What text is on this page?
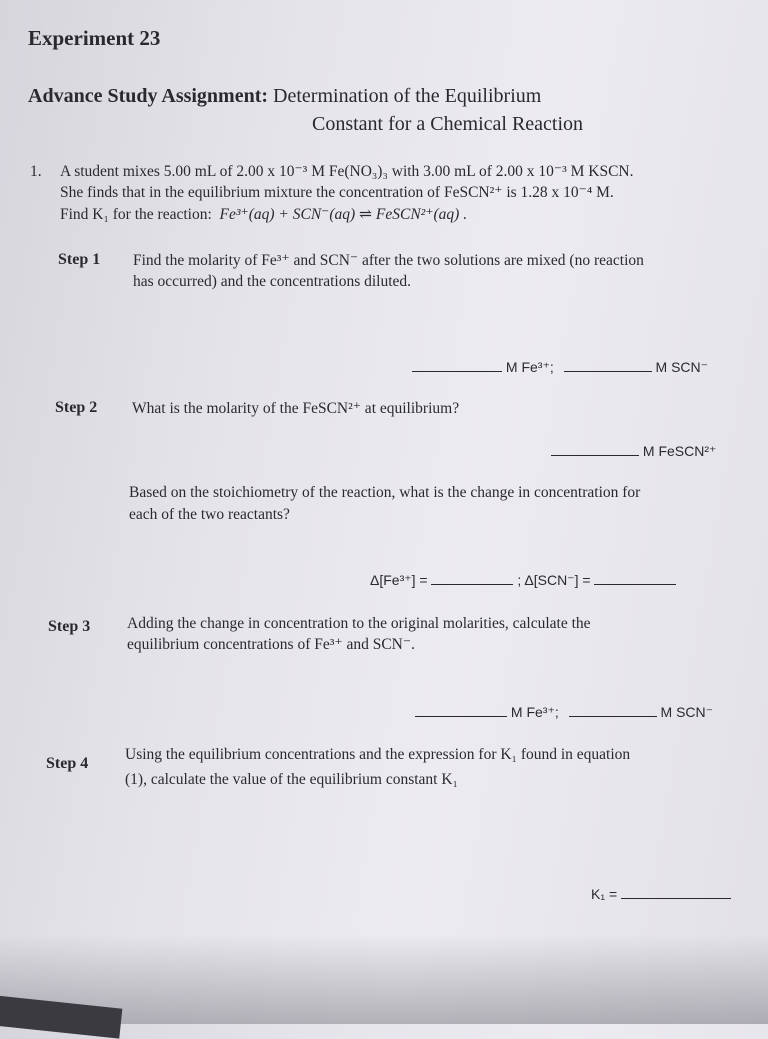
Experiment 23
Advance Study Assignment: Determination of the Equilibrium
Constant for a Chemical Reaction
1. A student mixes 5.00 mL of 2.00 x 10⁻³ M Fe(NO₃)₃ with 3.00 mL of 2.00 x 10⁻³ M KSCN.
She finds that in the equilibrium mixture the concentration of FeSCN²⁺ is 1.28 x 10⁻⁴ M.
Find K₁ for the reaction: Fe³⁺(aq) + SCN⁻(aq) ⇌ FeSCN²⁺(aq) .
Step 1 Find the molarity of Fe³⁺ and SCN⁻ after the two solutions are mixed (no reaction
has occurred) and the concentrations diluted.
M Fe³⁺;	M SCN⁻
Step 2 What is the molarity of the FeSCN²⁺ at equilibrium?
M FeSCN²⁺
Based on the stoichiometry of the reaction, what is the change in concentration for
each of the two reactants?
Δ[Fe³⁺] =	; Δ[SCN⁻] =
Step 3 Adding the change in concentration to the original molarities, calculate the
equilibrium concentrations of Fe³⁺ and SCN⁻.
M Fe³⁺;	M SCN⁻
Step 4
Using the equilibrium concentrations and the expression for K₁ found in equation
(1), calculate the value of the equilibrium constant K₁
K₁ =
